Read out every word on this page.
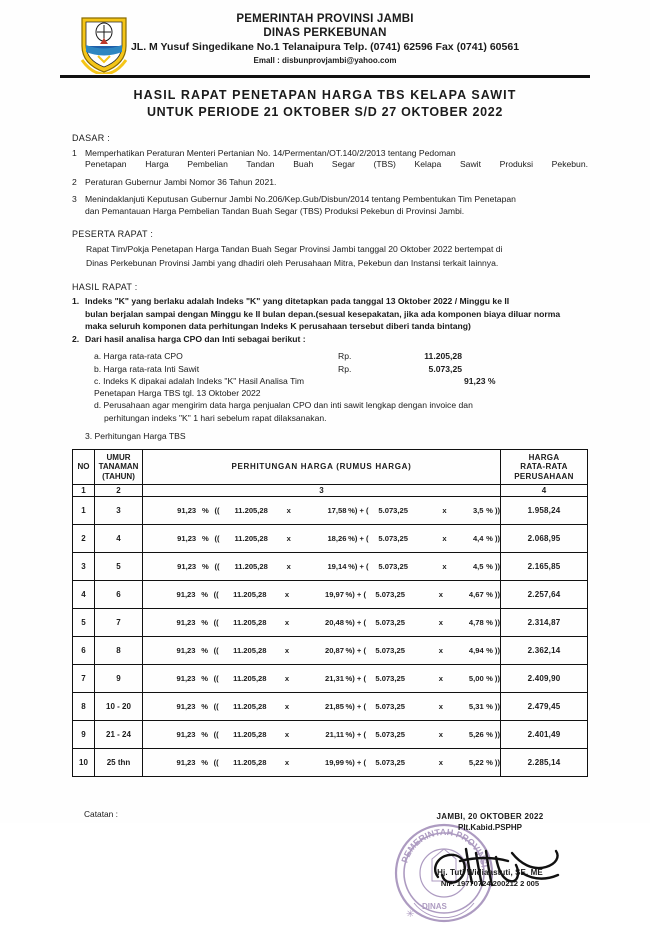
PEMERINTAH PROVINSI JAMBI
DINAS PERKEBUNAN
JL. M Yusuf Singedikane No.1 Telanaipura Telp. (0741) 62596 Fax (0741) 60561
Emall : disbunprovjambi@yahoo.com
HASIL RAPAT PENETAPAN HARGA TBS KELAPA SAWIT
UNTUK PERIODE 21 OKTOBER S/D 27 OKTOBER 2022
DASAR :
1 Memperhatikan Peraturan Menteri Pertanian No. 14/Permentan/OT.140/2/2013 tentang Pedoman
Penetapan Harga Pembelian Tandan Buah Segar (TBS) Kelapa Sawit Produksi Pekebun.
2 Peraturan Gubernur Jambi Nomor 36 Tahun 2021.
3 Menindaklanjuti Keputusan Gubernur Jambi No.206/Kep.Gub/Disbun/2014 tentang Pembentukan Tim Penetapan
dan Pemantauan Harga Pembelian Tandan Buah Segar (TBS) Produksi Pekebun di Provinsi Jambi.
PESERTA RAPAT :
Rapat Tim/Pokja Penetapan Harga Tandan Buah Segar Provinsi Jambi tanggal 20 Oktober 2022 bertempat di
Dinas Perkebunan Provinsi Jambi yang dhadiri oleh Perusahaan Mitra, Pekebun dan Instansi terkait lainnya.
HASIL RAPAT :
1. Indeks "K" yang berlaku adalah Indeks "K" yang ditetapkan pada tanggal 13 Oktober 2022 / Minggu ke II
bulan berjalan sampai dengan Minggu ke II bulan depan.(sesual kesepakatan, jika ada komponen biaya diluar norma
maka seluruh komponen data perhitungan Indeks K perusahaan tersebut diberi tanda bintang)
2. Dari hasil analisa harga CPO dan Inti sebagai berikut :
a. Harga rata-rata CPO	Rp.	11.205,28
b. Harga rata-rata Inti Sawit	Rp.	5.073,25
c. Indeks K dipakai adalah Indeks "K" Hasil Analisa Tim Penetapan Harga TBS tgl. 13 Oktober 2022
91,23 %
d. Perusahaan agar mengirim data harga penjualan CPO dan inti sawit lengkap dengan invoice dan
perhitungan indeks "K" 1 hari sebelum rapat dilaksanakan.
3. Perhitungan Harga TBS
NO	
UMUR
TANAMAN
(TAHUN)
	PERHITUNGAN HARGA (RUMUS HARGA)	
HARGA
RATA-RATA
PERUSAHAAN

1	2	3	4
1	3	91,23 % ((	11.205,28	x	17,58 %) + (	5.073,25	x	3,5 % ))	1.958,24
2	4	91,23 % ((	11.205,28	x	18,26 %) + (	5.073,25	x	4,4 % ))	2.068,95
3	5	91,23 % ((	11.205,28	x	19,14 %) + (	5.073,25	x	4,5 % ))	2.165,85
4	6	91,23 % ((	11.205,28	x	19,97 %) + (	5.073,25	x	4,67 % ))	2.257,64
5	7	91,23 % ((	11.205,28	x	20,48 %) + (	5.073,25	x	4,78 % ))	2.314,87
6	8	91,23 % ((	11.205,28	x	20,87 %) + (	5.073,25	x	4,94 % ))	2.362,14
7	9	91,23 % ((	11.205,28	x	21,31 %) + (	5.073,25	x	5,00 % ))	2.409,90
8	10 - 20	91,23 % ((	11.205,28	x	21,85 %) + (	5.073,25	x	5,31 % ))	2.479,45
9	21 - 24	91,23 % ((	11.205,28	x	21,11 %) + (	5.073,25	x	5,26 % ))	2.401,49
10	25 thn	91,23 % ((	11.205,28	x	19,99 %) + (	5.073,25	x	5,22 % ))	2.285,14
Catatan :
PEMERINTAH PROVINSI
DINAS
✳
JAMBI, 20 OKTOBER 2022
Plt.Kabid.PSPHP
Hj. Tuti Widiaastuti, SE, ME
NIP. 19770724 200212 2 005
